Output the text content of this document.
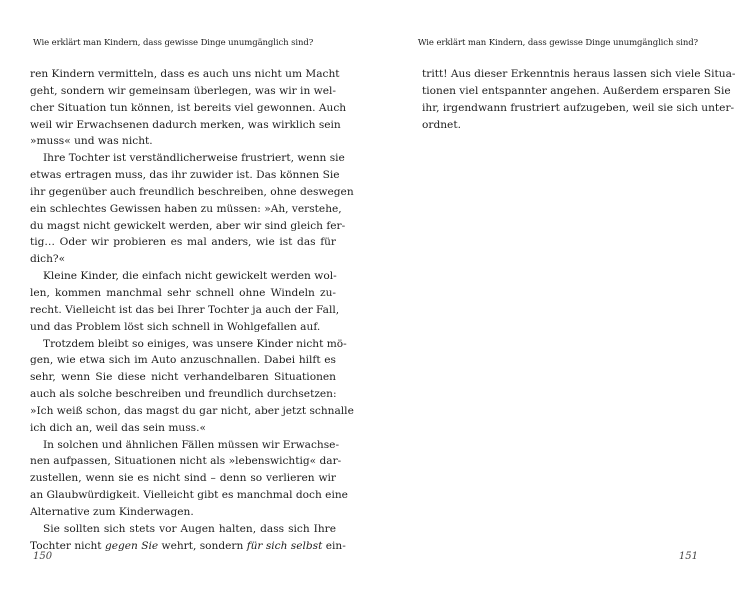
Wie erklärt man Kindern, dass gewisse Dinge unumgänglich sind?
ren Kindern vermitteln, dass es auch uns nicht um Macht
geht, sondern wir gemeinsam überlegen, was wir in wel-
cher Situation tun können, ist bereits viel gewonnen. Auch
weil wir Erwachsenen dadurch merken, was wirklich sein
»muss« und was nicht.
Ihre Tochter ist verständlicherweise frustriert, wenn sie
etwas ertragen muss, das ihr zuwider ist. Das können Sie
ihr gegenüber auch freundlich beschreiben, ohne deswegen
ein schlechtes Gewissen haben zu müssen: »Ah, verstehe,
du magst nicht gewickelt werden, aber wir sind gleich fer-
tig… Oder wir probieren es mal anders, wie ist das für
dich?«
Kleine Kinder, die einfach nicht gewickelt werden wol-
len, kommen manchmal sehr schnell ohne Windeln zu-
recht. Vielleicht ist das bei Ihrer Tochter ja auch der Fall,
und das Problem löst sich schnell in Wohlgefallen auf.
Trotzdem bleibt so einiges, was unsere Kinder nicht mö-
gen, wie etwa sich im Auto anzuschnallen. Dabei hilft es
sehr, wenn Sie diese nicht verhandelbaren Situationen
auch als solche beschreiben und freundlich durchsetzen:
»Ich weiß schon, das magst du gar nicht, aber jetzt schnalle
ich dich an, weil das sein muss.«
In solchen und ähnlichen Fällen müssen wir Erwachse-
nen aufpassen, Situationen nicht als »lebenswichtig« dar-
zustellen, wenn sie es nicht sind – denn so verlieren wir
an Glaubwürdigkeit. Vielleicht gibt es manchmal doch eine
Alternative zum Kinderwagen.
Sie sollten sich stets vor Augen halten, dass sich Ihre
Tochter nicht gegen Sie wehrt, sondern für sich selbst ein-
150
Wie erklärt man Kindern, dass gewisse Dinge unumgänglich sind?
tritt! Aus dieser Erkenntnis heraus lassen sich viele Situa-
tionen viel entspannter angehen. Außerdem ersparen Sie
ihr, irgendwann frustriert aufzugeben, weil sie sich unter-
ordnet.
151
